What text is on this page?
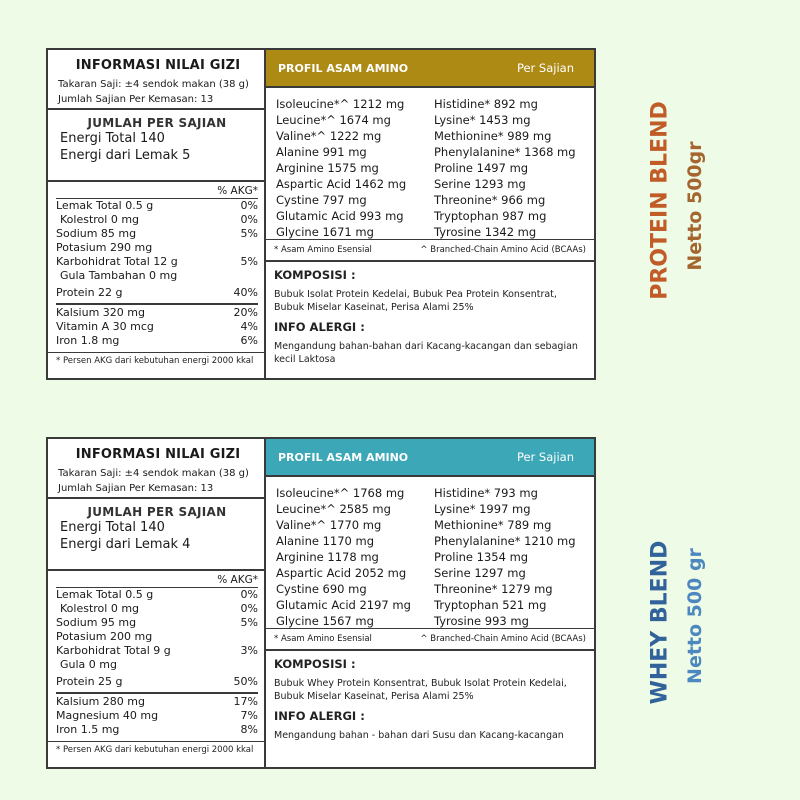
INFORMASI NILAI GIZI
Takaran Saji: ±4 sendok makan (38 g)
Jumlah Sajian Per Kemasan: 13
JUMLAH PER SAJIAN
Energi Total 140
Energi dari Lemak 5
% AKG*
Lemak Total 0.5 g	0%
Kolestrol 0 mg	0%
Sodium 85 mg	5%
Potasium 290 mg
Karbohidrat Total 12 g	5%
Gula Tambahan 0 mg
Protein 22 g	40%
Kalsium 320 mg	20%
Vitamin A 30 mcg	4%
Iron 1.8 mg	6%
* Persen AKG dari kebutuhan energi 2000 kkal
PROFIL ASAM AMINO	Per Sajian
Isoleucine*^ 1212 mg
Leucine*^ 1674 mg
Valine*^ 1222 mg
Alanine 991 mg
Arginine 1575 mg
Aspartic Acid 1462 mg
Cystine 797 mg
Glutamic Acid 993 mg
Glycine 1671 mg
Histidine* 892 mg
Lysine* 1453 mg
Methionine* 989 mg
Phenylalanine* 1368 mg
Proline 1497 mg
Serine 1293 mg
Threonine* 966 mg
Tryptophan 987 mg
Tyrosine 1342 mg
* Asam Amino Esensial	^ Branched-Chain Amino Acid (BCAAs)
KOMPOSISI :
Bubuk Isolat Protein Kedelai, Bubuk Pea Protein Konsentrat, Bubuk Miselar Kaseinat, Perisa Alami 25%
INFO ALERGI :
Mengandung bahan-bahan dari Kacang-kacangan dan sebagian kecil Laktosa
PROTEIN BLEND Netto 500gr
INFORMASI NILAI GIZI
Takaran Saji: ±4 sendok makan (38 g)
Jumlah Sajian Per Kemasan: 13
JUMLAH PER SAJIAN
Energi Total 140
Energi dari Lemak 4
% AKG*
Lemak Total 0.5 g	0%
Kolestrol 0 mg	0%
Sodium 95 mg	5%
Potasium 200 mg
Karbohidrat Total 9 g	3%
Gula 0 mg
Protein 25 g	50%
Kalsium 280 mg	17%
Magnesium 40 mg	7%
Iron 1.5 mg	8%
* Persen AKG dari kebutuhan energi 2000 kkal
PROFIL ASAM AMINO	Per Sajian
Isoleucine*^ 1768 mg
Leucine*^ 2585 mg
Valine*^ 1770 mg
Alanine 1170 mg
Arginine 1178 mg
Aspartic Acid 2052 mg
Cystine 690 mg
Glutamic Acid 2197 mg
Glycine 1567 mg
Histidine* 793 mg
Lysine* 1997 mg
Methionine* 789 mg
Phenylalanine* 1210 mg
Proline 1354 mg
Serine 1297 mg
Threonine* 1279 mg
Tryptophan 521 mg
Tyrosine 993 mg
* Asam Amino Esensial	^ Branched-Chain Amino Acid (BCAAs)
KOMPOSISI :
Bubuk Whey Protein Konsentrat, Bubuk Isolat Protein Kedelai, Bubuk Miselar Kaseinat, Perisa Alami 25%
INFO ALERGI :
Mengandung bahan - bahan dari Susu dan Kacang-kacangan
WHEY BLEND Netto 500 gr
